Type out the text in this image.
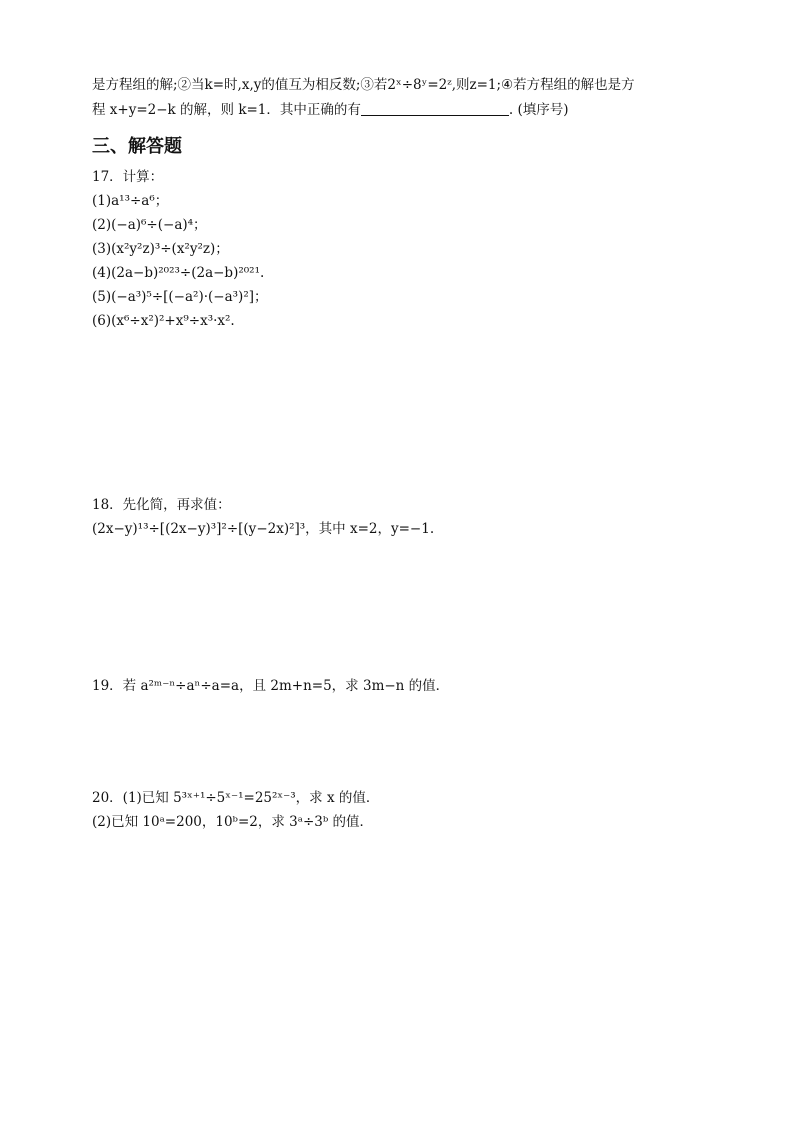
是方程组的解;②当k=时,x,y的值互为相反数;③若2ˣ÷8ʸ=2ᶻ,则z=1;④若方程组的解也是方
程 x+y=2−k 的解，则 k=1．其中正确的有	. (填序号)
三、解答题
17．计算：
(1)a¹³÷a⁶；
(2)(−a)⁶÷(−a)⁴；
(3)(x²y²z)³÷(x²y²z)；
(4)(2a−b)²⁰²³÷(2a−b)²⁰²¹.
(5)(−a³)⁵÷[(−a²)·(−a³)²]；
(6)(x⁶÷x²)²+x⁹÷x³·x².
18．先化简，再求值：
(2x−y)¹³÷[(2x−y)³]²÷[(y−2x)²]³，其中 x=2，y=−1.
19．若 a²ᵐ⁻ⁿ÷aⁿ÷a=a，且 2m+n=5，求 3m−n 的值．
20．(1)已知 5³ˣ⁺¹÷5ˣ⁻¹=25²ˣ⁻³，求 x 的值．
(2)已知 10ᵃ=200，10ᵇ=2，求 3ᵃ÷3ᵇ 的值．
